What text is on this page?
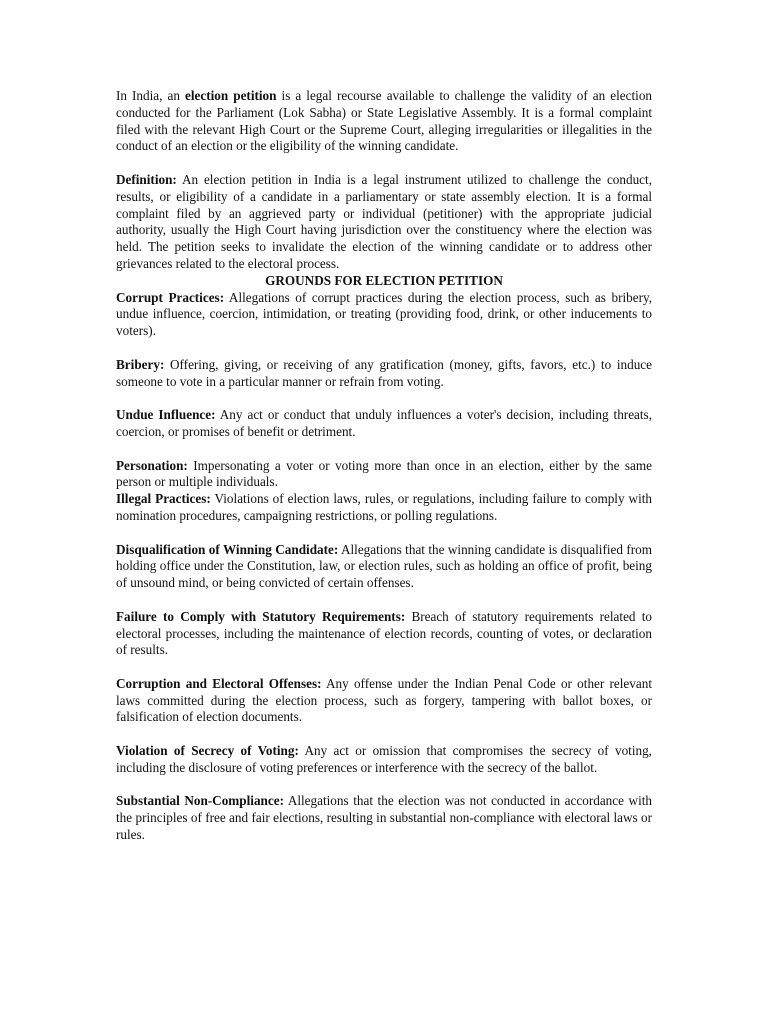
In India, an election petition is a legal recourse available to challenge the validity of an election conducted for the Parliament (Lok Sabha) or State Legislative Assembly. It is a formal complaint filed with the relevant High Court or the Supreme Court, alleging irregularities or illegalities in the conduct of an election or the eligibility of the winning candidate.

Definition: An election petition in India is a legal instrument utilized to challenge the conduct, results, or eligibility of a candidate in a parliamentary or state assembly election. It is a formal complaint filed by an aggrieved party or individual (petitioner) with the appropriate judicial authority, usually the High Court having jurisdiction over the constituency where the election was held. The petition seeks to invalidate the election of the winning candidate or to address other grievances related to the electoral process.

GROUNDS FOR ELECTION PETITION

Corrupt Practices: Allegations of corrupt practices during the election process, such as bribery, undue influence, coercion, intimidation, or treating (providing food, drink, or other inducements to voters).

Bribery: Offering, giving, or receiving of any gratification (money, gifts, favors, etc.) to induce someone to vote in a particular manner or refrain from voting.

Undue Influence: Any act or conduct that unduly influences a voter's decision, including threats, coercion, or promises of benefit or detriment.

Personation: Impersonating a voter or voting more than once in an election, either by the same person or multiple individuals.

Illegal Practices: Violations of election laws, rules, or regulations, including failure to comply with nomination procedures, campaigning restrictions, or polling regulations.

Disqualification of Winning Candidate: Allegations that the winning candidate is disqualified from holding office under the Constitution, law, or election rules, such as holding an office of profit, being of unsound mind, or being convicted of certain offenses.

Failure to Comply with Statutory Requirements: Breach of statutory requirements related to electoral processes, including the maintenance of election records, counting of votes, or declaration of results.

Corruption and Electoral Offenses: Any offense under the Indian Penal Code or other relevant laws committed during the election process, such as forgery, tampering with ballot boxes, or falsification of election documents.

Violation of Secrecy of Voting: Any act or omission that compromises the secrecy of voting, including the disclosure of voting preferences or interference with the secrecy of the ballot.

Substantial Non-Compliance: Allegations that the election was not conducted in accordance with the principles of free and fair elections, resulting in substantial non-compliance with electoral laws or rules.
